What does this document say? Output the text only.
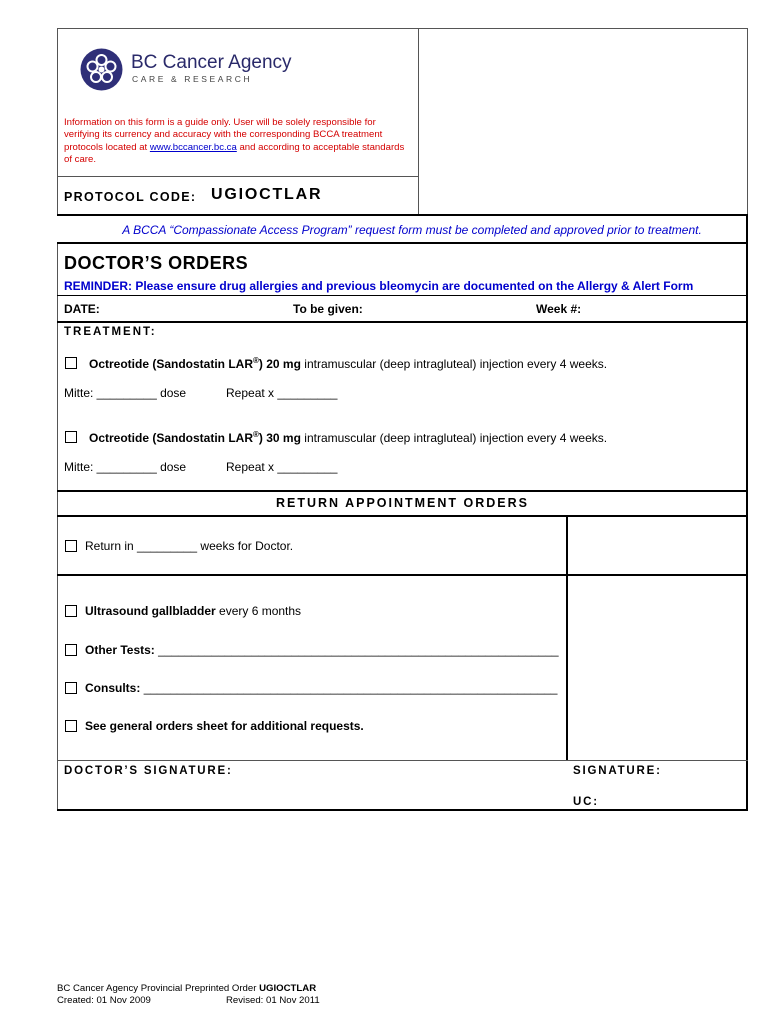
BC Cancer Agency
CARE & RESEARCH
Information on this form is a guide only. User will be solely responsible for verifying its currency and accuracy with the corresponding BCCA treatment protocols located at www.bccancer.bc.ca and according to acceptable standards of care.
PROTOCOL CODE: UGIOCTLAR
A BCCA “Compassionate Access Program” request form must be completed and approved prior to treatment.
DOCTOR’S ORDERS
REMINDER: Please ensure drug allergies and previous bleomycin are documented on the Allergy & Alert Form
DATE:	To be given:	Week #:
TREATMENT:
Octreotide (Sandostatin LAR®) 20 mg intramuscular (deep intragluteal) injection every 4 weeks.
Mitte: _________ dose	Repeat x _________
Octreotide (Sandostatin LAR®) 30 mg intramuscular (deep intragluteal) injection every 4 weeks.
Mitte: _________ dose	Repeat x _________
RETURN APPOINTMENT ORDERS
Return in _________ weeks for Doctor.
Ultrasound gallbladder every 6 months
Other Tests: ____________________________________________________________
Consults: ______________________________________________________________
See general orders sheet for additional requests.
DOCTOR’S SIGNATURE:	SIGNATURE:
UC:
BC Cancer Agency Provincial Preprinted Order UGIOCTLAR
Created: 01 Nov 2009	Revised: 01 Nov 2011
